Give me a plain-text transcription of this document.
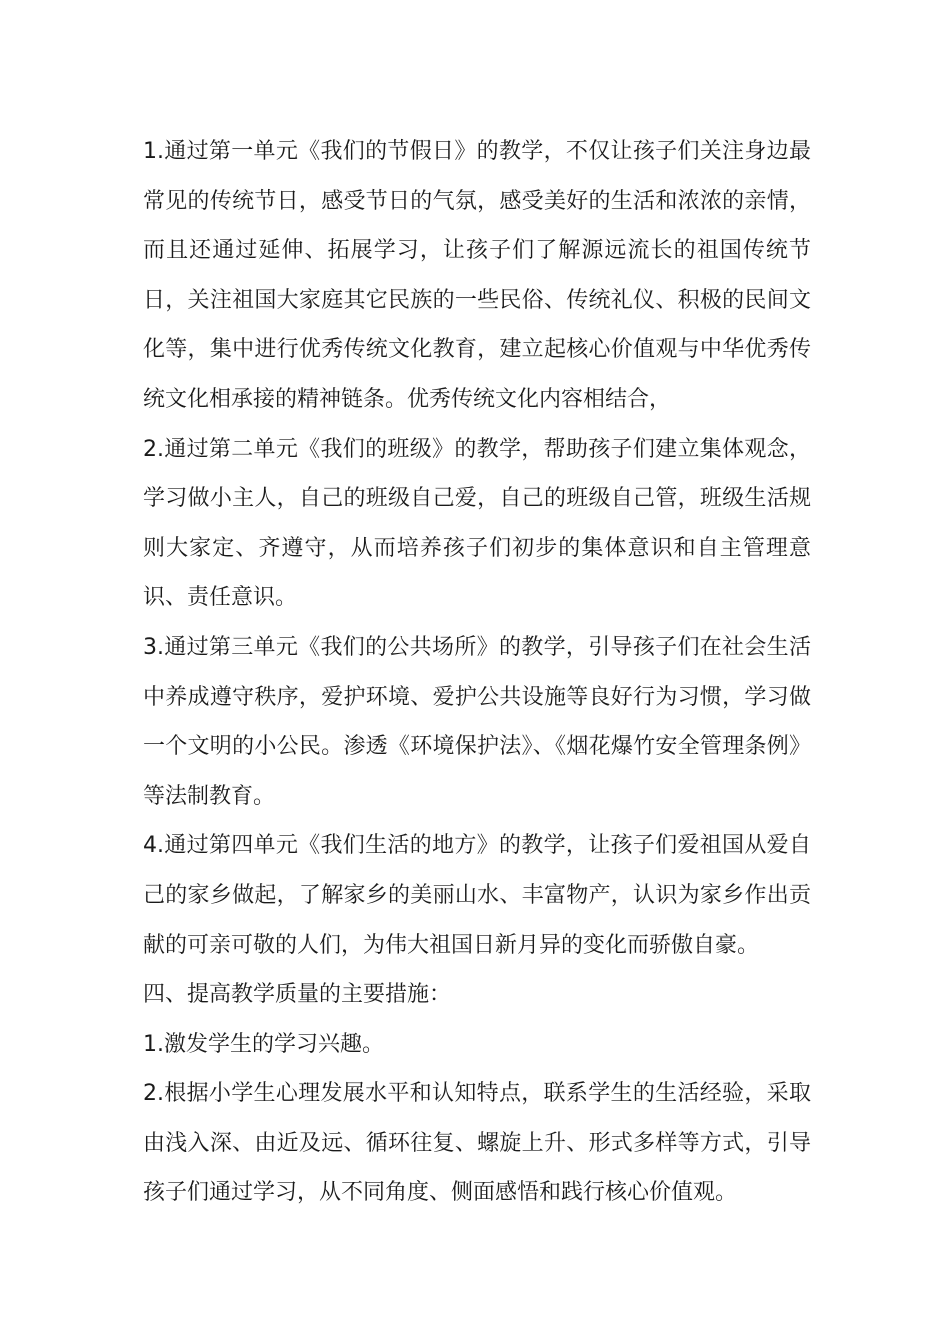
1.通过第一单元《我们的节假日》的教学，不仅让孩子们关注身边最常见的传统节日，感受节日的气氛，感受美好的生活和浓浓的亲情，而且还通过延伸、拓展学习，让孩子们了解源远流长的祖国传统节日，关注祖国大家庭其它民族的一些民俗、传统礼仪、积极的民间文化等，集中进行优秀传统文化教育，建立起核心价值观与中华优秀传统文化相承接的精神链条。优秀传统文化内容相结合，

2.通过第二单元《我们的班级》的教学，帮助孩子们建立集体观念，学习做小主人，自己的班级自己爱，自己的班级自己管，班级生活规则大家定、齐遵守，从而培养孩子们初步的集体意识和自主管理意识、责任意识。

3.通过第三单元《我们的公共场所》的教学，引导孩子们在社会生活中养成遵守秩序，爱护环境、爱护公共设施等良好行为习惯，学习做一个文明的小公民。渗透《环境保护法》、《烟花爆竹安全管理条例》等法制教育。

4.通过第四单元《我们生活的地方》的教学，让孩子们爱祖国从爱自己的家乡做起，了解家乡的美丽山水、丰富物产，认识为家乡作出贡献的可亲可敬的人们，为伟大祖国日新月异的变化而骄傲自豪。

四、提高教学质量的主要措施：

1.激发学生的学习兴趣。

2.根据小学生心理发展水平和认知特点，联系学生的生活经验，采取由浅入深、由近及远、循环往复、螺旋上升、形式多样等方式，引导孩子们通过学习，从不同角度、侧面感悟和践行核心价值观。
